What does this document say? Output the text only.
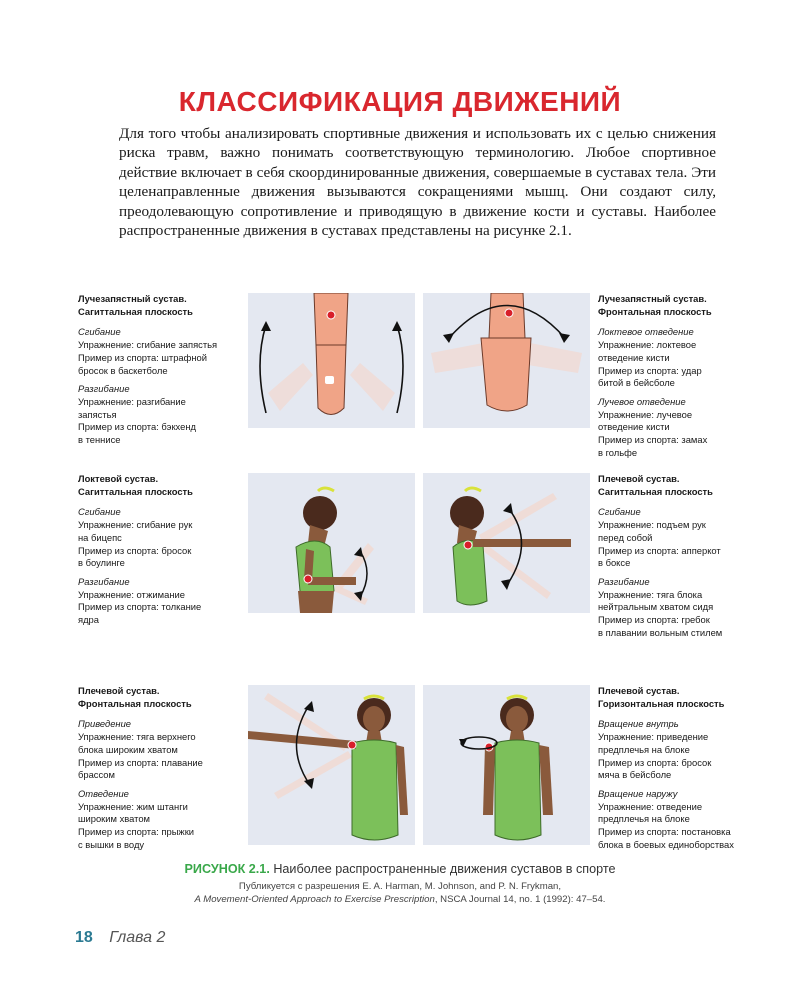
КЛАССИФИКАЦИЯ ДВИЖЕНИЙ
Для того чтобы анализировать спортивные движения и использовать их с целью снижения риска травм, важно понимать соответствующую терминологию. Любое спортивное действие включает в себя скоординированные движения, совершаемые в суставах тела. Эти целенаправленные движения вызываются сокращениями мышц. Они создают силу, преодолевающую сопротивление и приводящую в движение кости и суставы. Наиболее распространенные движения в суставах представлены на рисунке 2.1.
Лучезапястный сустав.
Сагиттальная плоскость
Сгибание
Упражнение: сгибание запястья
Пример из спорта: штрафной
бросок в баскетболе
Разгибание
Упражнение: разгибание
запястья
Пример из спорта: бэкхенд
в теннисе
Лучезапястный сустав.
Фронтальная плоскость
Локтевое отведение
Упражнение: локтевое
отведение кисти
Пример из спорта: удар
битой в бейсболе
Лучевое отведение
Упражнение: лучевое
отведение кисти
Пример из спорта: замах
в гольфе
Локтевой сустав.
Сагиттальная плоскость
Сгибание
Упражнение: сгибание рук
на бицепс
Пример из спорта: бросок
в боулинге
Разгибание
Упражнение: отжимание
Пример из спорта: толкание
ядра
Плечевой сустав.
Сагиттальная плоскость
Сгибание
Упражнение: подъем рук
перед собой
Пример из спорта: апперкот
в боксе
Разгибание
Упражнение: тяга блока
нейтральным хватом сидя
Пример из спорта: гребок
в плавании вольным стилем
Плечевой сустав.
Фронтальная плоскость
Приведение
Упражнение: тяга верхнего
блока широким хватом
Пример из спорта: плавание
брассом
Отведение
Упражнение: жим штанги
широким хватом
Пример из спорта: прыжки
с вышки в воду
Плечевой сустав.
Горизонтальная плоскость
Вращение внутрь
Упражнение: приведение
предплечья на блоке
Пример из спорта: бросок
мяча в бейсболе
Вращение наружу
Упражнение: отведение
предплечья на блоке
Пример из спорта: постановка
блока в боевых единоборствах
РИСУНОК 2.1. Наиболее распространенные движения суставов в спорте
Публикуется с разрешения E. A. Harman, M. Johnson, and P. N. Frykman,
A Movement-Oriented Approach to Exercise Prescription, NSCA Journal 14, no. 1 (1992): 47–54.
18 Глава 2
